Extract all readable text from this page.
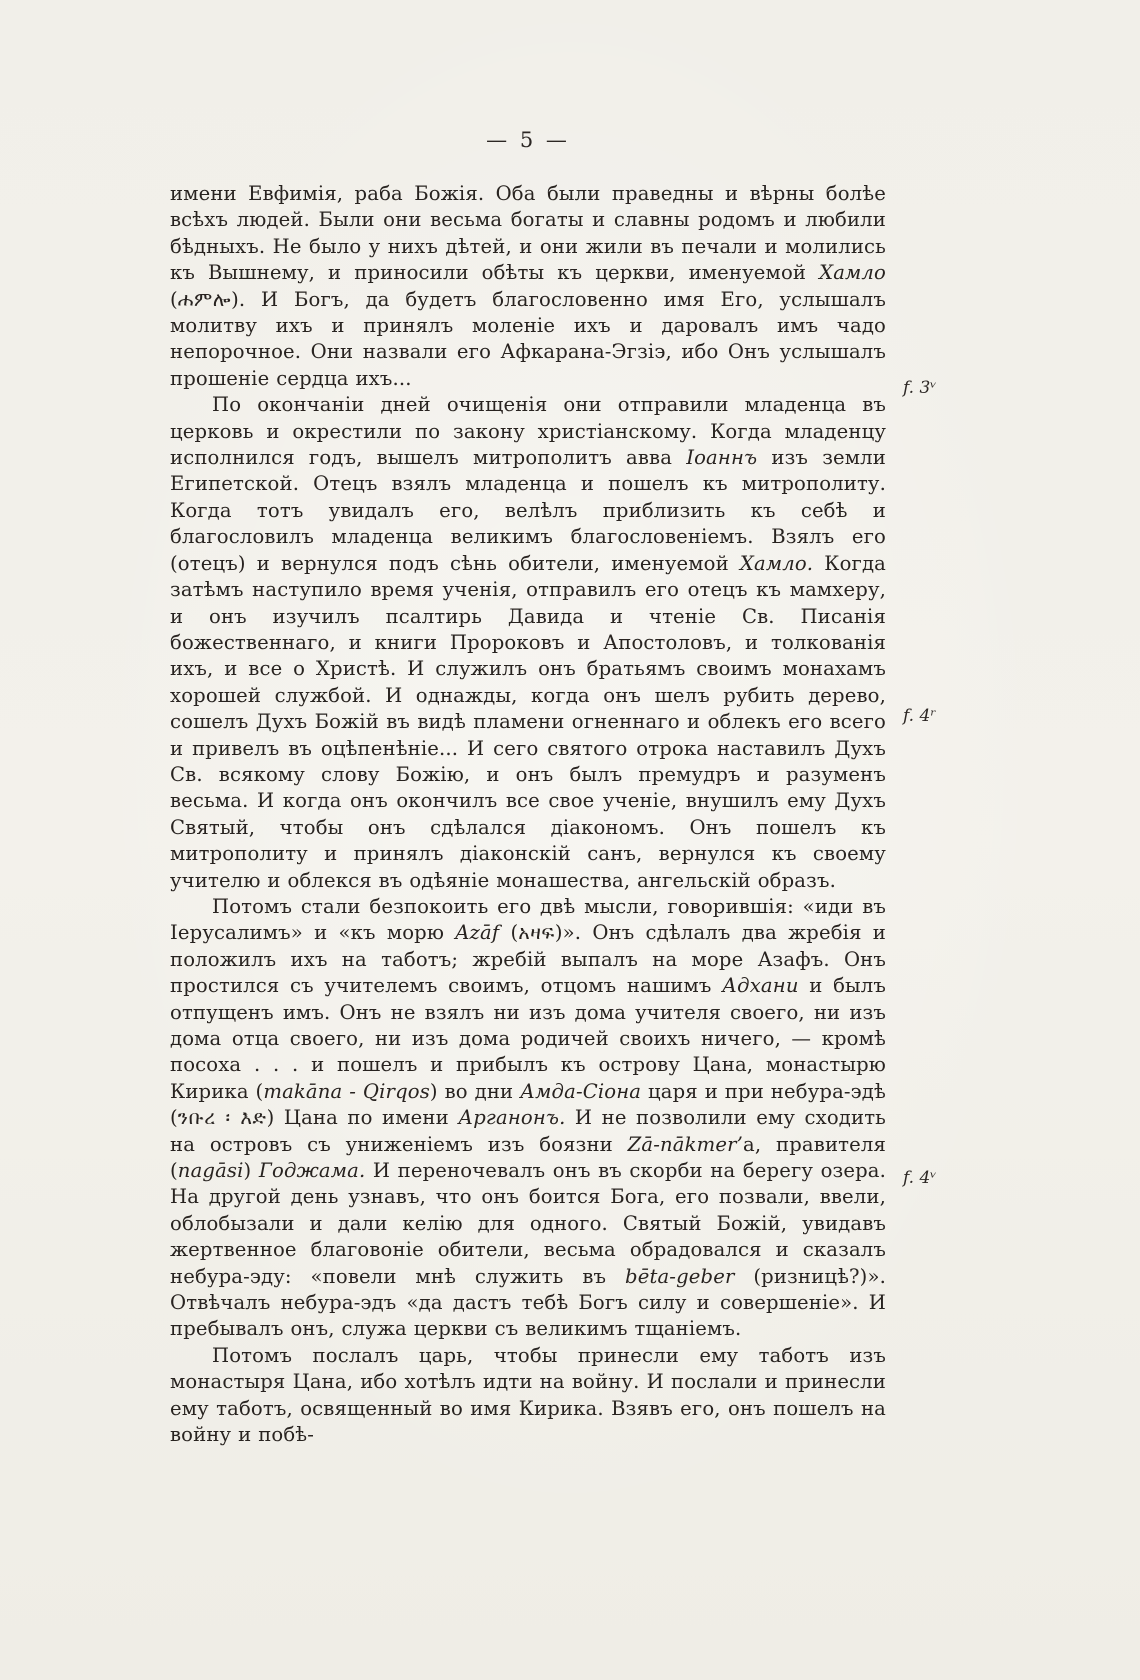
— 5 —

имени Евфимія, раба Божія. Оба были праведны и вѣрны болѣе всѣхъ людей. Были они весьма богаты и славны родомъ и любили бѣдныхъ. Не было у нихъ дѣтей, и они жили въ печали и молились къ Вышнему, и приносили обѣты къ церкви, именуемой Хамло (ሐምሎ). И Богъ, да будетъ благословенно имя Его, услышалъ молитву ихъ и принялъ моленіе ихъ и даровалъ имъ чадо непорочное. Они назвали его Афкарана-Эгзіэ, ибо Онъ услышалъ прошеніе сердца ихъ...

По окончаніи дней очищенія они отправили младенца въ церковь и окрестили по закону христіанскому. Когда младенцу исполнился годъ, вышелъ митрополитъ авва Іоаннъ изъ земли Египетской. Отецъ взялъ младенца и пошелъ къ митрополиту. Когда тотъ увидалъ его, велѣлъ приблизить къ себѣ и благословилъ младенца великимъ благословеніемъ. Взялъ его (отецъ) и вернулся подъ сѣнь обители, именуемой Хамло. Когда затѣмъ наступило время ученія, отправилъ его отецъ къ мамхеру, и онъ изучилъ псалтирь Давида и чтеніе Св. Писанія божественнаго, и книги Пророковъ и Апостоловъ, и толкованія ихъ, и все о Христѣ. И служилъ онъ братьямъ своимъ монахамъ хорошей службой. И однажды, когда онъ шелъ рубить дерево, сошелъ Духъ Божій въ видѣ пламени огненнаго и облекъ его всего и привелъ въ оцѣпенѣніе... И сего святого отрока наставилъ Духъ Св. всякому слову Божію, и онъ былъ премудръ и разуменъ весьма. И когда онъ окончилъ все свое ученіе, внушилъ ему Духъ Святый, чтобы онъ сдѣлался діакономъ. Онъ пошелъ къ митрополиту и принялъ діаконскій санъ, вернулся къ своему учителю и облекся въ одѣяніе монашества, ангельскій образъ.

Потомъ стали безпокоить его двѣ мысли, говорившія: «иди въ Іерусалимъ» и «къ морю Azāf (አዛፍ)». Онъ сдѣлалъ два жребія и положилъ ихъ на таботъ; жребій выпалъ на море Азафъ. Онъ простился съ учителемъ своимъ, отцомъ нашимъ Адхани и былъ отпущенъ имъ. Онъ не взялъ ни изъ дома учителя своего, ни изъ дома отца своего, ни изъ дома родичей своихъ ничего, — кромѣ посоха . . . и пошелъ и прибылъ къ острову Цана, монастырю Кирика (makāna - Qirqos) во дни Амда-Сіона царя и при небура-эдѣ (ንቡረ ፡ እድ) Цана по имени Арганонъ. И не позволили ему сходить на островъ съ униженіемъ изъ боязни Zā-nākmer’а, правителя (nagāsi) Годжама. И переночевалъ онъ въ скорби на берегу озера. На другой день узнавъ, что онъ боится Бога, его позвали, ввели, облобызали и дали келію для одного. Святый Божій, увидавъ жертвенное благовоніе обители, весьма обрадовался и сказалъ небура-эду: «повели мнѣ служить въ bēta-geber (ризницѣ?)». Отвѣчалъ небура-эдъ «да дастъ тебѣ Богъ силу и совершеніе». И пребывалъ онъ, служа церкви съ великимъ тщаніемъ.

Потомъ послалъ царь, чтобы принесли ему таботъ изъ монастыря Цана, ибо хотѣлъ идти на войну. И послали и принесли ему таботъ, освященный во имя Кирика. Взявъ его, онъ пошелъ на войну и побѣ-

f. 3ᵛ
f. 4ʳ
f. 4ᵛ
